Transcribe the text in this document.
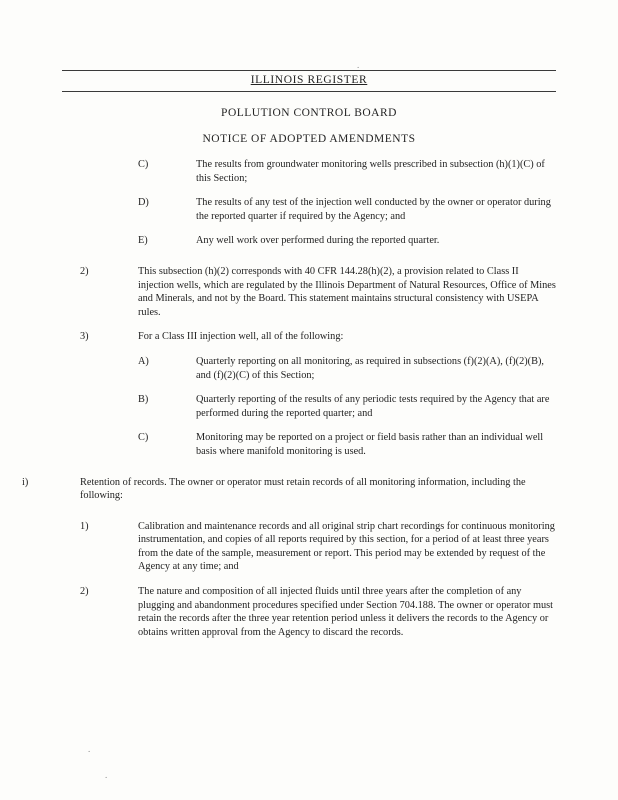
.
ILLINOIS REGISTER
POLLUTION CONTROL BOARD
NOTICE OF ADOPTED AMENDMENTS
C)	The results from groundwater monitoring wells prescribed in subsection (h)(1)(C) of this Section;
D)	The results of any test of the injection well conducted by the owner or operator during the reported quarter if required by the Agency; and
E)	Any well work over performed during the reported quarter.
2)	This subsection (h)(2) corresponds with 40 CFR 144.28(h)(2), a provision related to Class II injection wells, which are regulated by the Illinois Department of Natural Resources, Office of Mines and Minerals, and not by the Board. This statement maintains structural consistency with USEPA rules.
3)	For a Class III injection well, all of the following:
A)	Quarterly reporting on all monitoring, as required in subsections (f)(2)(A), (f)(2)(B), and (f)(2)(C) of this Section;
B)	Quarterly reporting of the results of any periodic tests required by the Agency that are performed during the reported quarter; and
C)	Monitoring may be reported on a project or field basis rather than an individual well basis where manifold monitoring is used.
i)	Retention of records. The owner or operator must retain records of all monitoring information, including the following:
1)	Calibration and maintenance records and all original strip chart recordings for continuous monitoring instrumentation, and copies of all reports required by this section, for a period of at least three years from the date of the sample, measurement or report. This period may be extended by request of the Agency at any time; and
2)	The nature and composition of all injected fluids until three years after the completion of any plugging and abandonment procedures specified under Section 704.188. The owner or operator must retain the records after the three year retention period unless it delivers the records to the Agency or obtains written approval from the Agency to discard the records.
.
.
